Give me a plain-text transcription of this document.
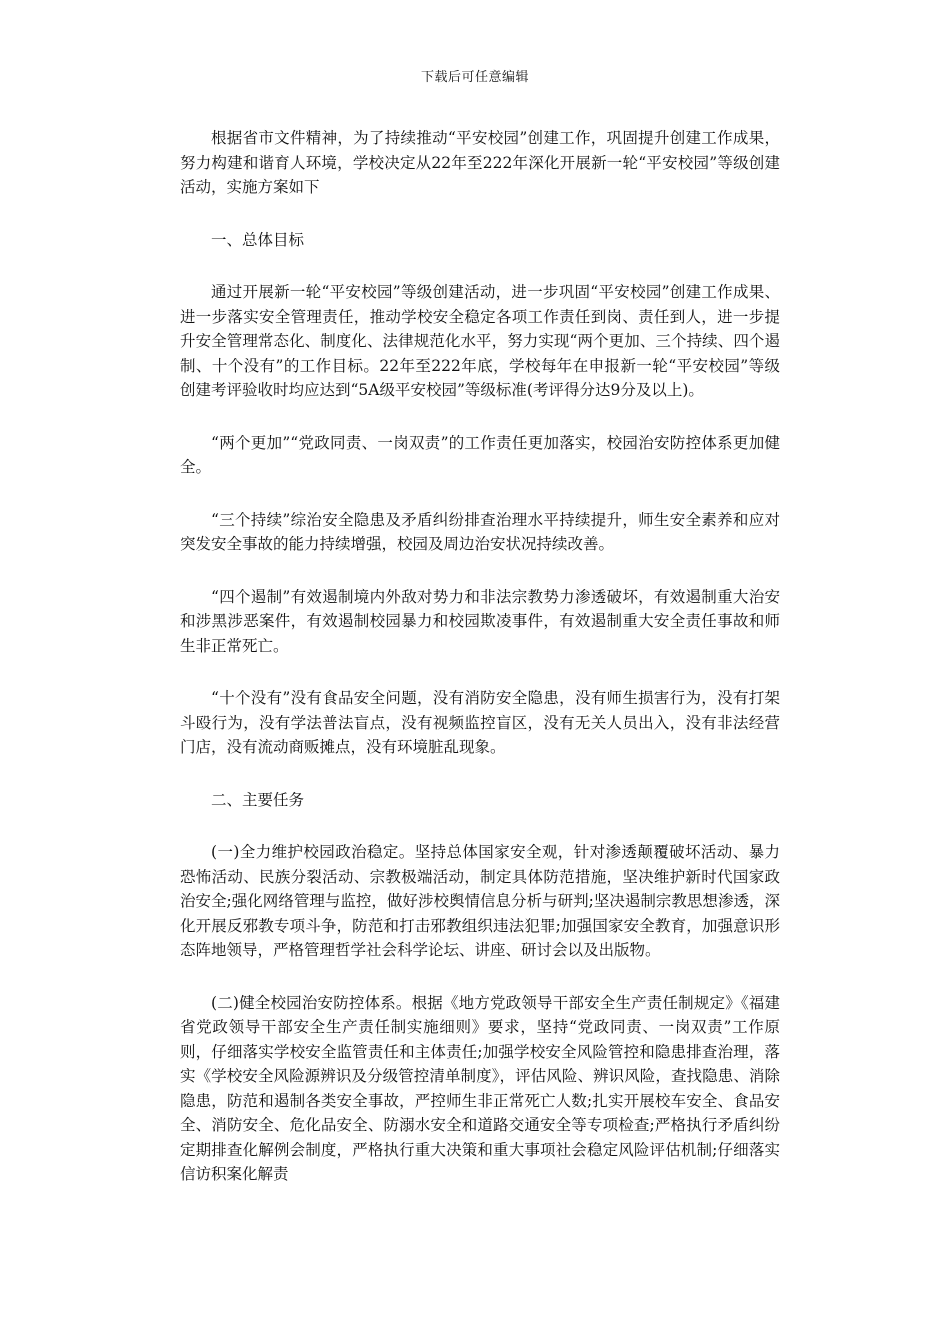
下载后可任意编辑

根据省市文件精神，为了持续推动“平安校园”创建工作，巩固提升创建工作成果，努力构建和谐育人环境，学校决定从22年至222年深化开展新一轮“平安校园”等级创建活动，实施方案如下

一、总体目标

通过开展新一轮“平安校园”等级创建活动，进一步巩固“平安校园”创建工作成果、进一步落实安全管理责任，推动学校安全稳定各项工作责任到岗、责任到人，进一步提升安全管理常态化、制度化、法律规范化水平，努力实现“两个更加、三个持续、四个遏制、十个没有”的工作目标。22年至222年底，学校每年在申报新一轮“平安校园”等级创建考评验收时均应达到“5A级平安校园”等级标准(考评得分达9分及以上)。

“两个更加”“党政同责、一岗双责”的工作责任更加落实，校园治安防控体系更加健全。

“三个持续”综治安全隐患及矛盾纠纷排查治理水平持续提升，师生安全素养和应对突发安全事故的能力持续增强，校园及周边治安状况持续改善。

“四个遏制”有效遏制境内外敌对势力和非法宗教势力渗透破坏，有效遏制重大治安和涉黑涉恶案件，有效遏制校园暴力和校园欺凌事件，有效遏制重大安全责任事故和师生非正常死亡。

“十个没有”没有食品安全问题，没有消防安全隐患，没有师生损害行为，没有打架斗殴行为，没有学法普法盲点，没有视频监控盲区，没有无关人员出入，没有非法经营门店，没有流动商贩摊点，没有环境脏乱现象。

二、主要任务

(一)全力维护校园政治稳定。坚持总体国家安全观，针对渗透颠覆破坏活动、暴力恐怖活动、民族分裂活动、宗教极端活动，制定具体防范措施，坚决维护新时代国家政治安全;强化网络管理与监控，做好涉校舆情信息分析与研判;坚决遏制宗教思想渗透，深化开展反邪教专项斗争，防范和打击邪教组织违法犯罪;加强国家安全教育，加强意识形态阵地领导，严格管理哲学社会科学论坛、讲座、研讨会以及出版物。

(二)健全校园治安防控体系。根据《地方党政领导干部安全生产责任制规定》《福建省党政领导干部安全生产责任制实施细则》要求，坚持“党政同责、一岗双责”工作原则，仔细落实学校安全监管责任和主体责任;加强学校安全风险管控和隐患排查治理，落实《学校安全风险源辨识及分级管控清单制度》，评估风险、辨识风险，查找隐患、消除隐患，防范和遏制各类安全事故，严控师生非正常死亡人数;扎实开展校车安全、食品安全、消防安全、危化品安全、防溺水安全和道路交通安全等专项检查;严格执行矛盾纠纷定期排查化解例会制度，严格执行重大决策和重大事项社会稳定风险评估机制;仔细落实信访积案化解责
